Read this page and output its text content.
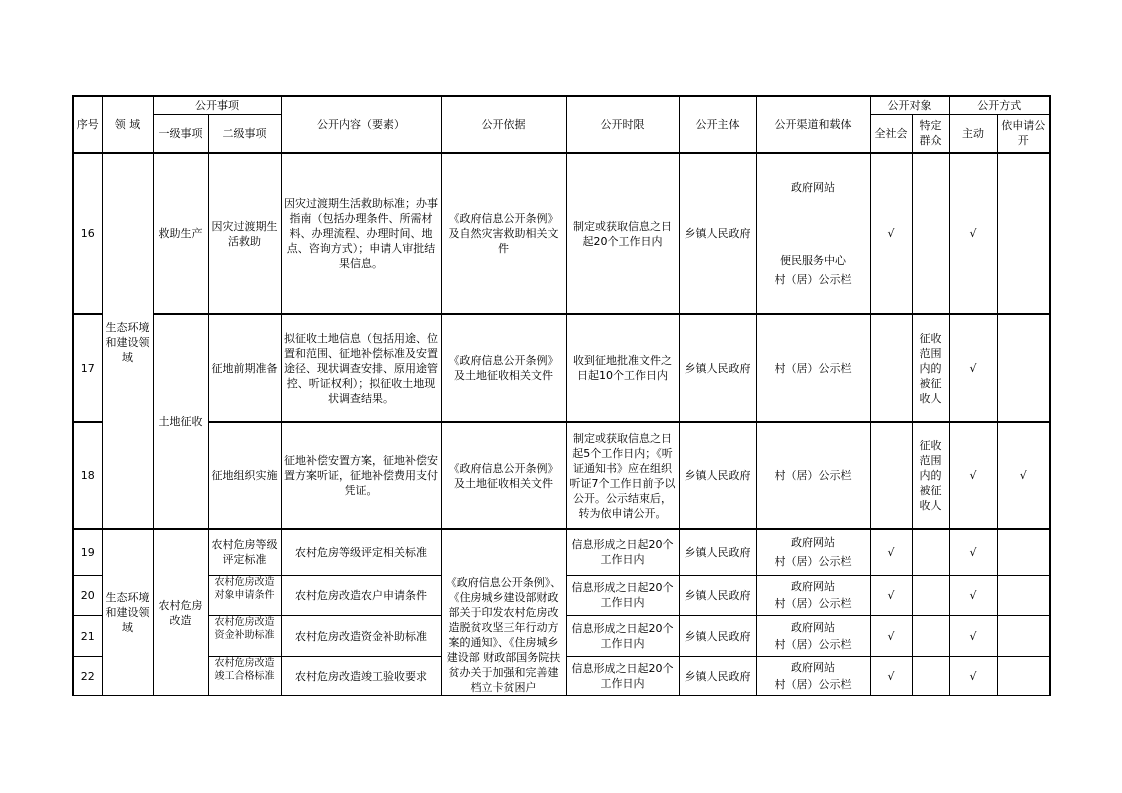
序号	领 域	公开事项		公开内容（要素）	公开依据	公开时限	公开主体	公开渠道和载体	公开对象		公开方式	
		一级事项	二级事项						全社会	特定群众	主动	依申请公开
16	生态环境和建设领域	救助生产	因灾过渡期生活救助	因灾过渡期生活救助标准；办事指南（包括办理条件、所需材料、办理流程、办理时间、地点、咨询方式）；申请人审批结果信息。	《政府信息公开条例》及自然灾害救助相关文件	制定或获取信息之日起20个工作日内	乡镇人民政府	政府网站
便民服务中心
村（居）公示栏	√		√	
17		土地征收	征地前期准备	拟征收土地信息（包括用途、位置和范围、征地补偿标准及安置途径、现状调查安排、原用途管控、听证权利）；拟征收土地现状调查结果。	《政府信息公开条例》及土地征收相关文件	收到征地批准文件之日起10个工作日内	乡镇人民政府	村（居）公示栏		征收范围内的被征收人	√	
18			征地组织实施	征地补偿安置方案，征地补偿安置方案听证，征地补偿费用支付凭证。	《政府信息公开条例》及土地征收相关文件	制定或获取信息之日起5个工作日内；《听证通知书》应在组织听证7个工作日前予以公开。公示结束后，转为依申请公开。	乡镇人民政府	村（居）公示栏		征收范围内的被征收人	√	√
19	生态环境和建设领域	农村危房改造	农村危房等级评定标准	农村危房等级评定相关标准	《政府信息公开条例》、《住房城乡建设部财政部关于印发农村危房改造脱贫攻坚三年行动方案的通知》、《住房城乡建设部 财政部国务院扶贫办关于加强和完善建档立卡贫困户	信息形成之日起20个工作日内	乡镇人民政府	政府网站
村（居）公示栏	√		√	
20			农村危房改造对象申请条件	农村危房改造农户申请条件		信息形成之日起20个工作日内	乡镇人民政府	政府网站
村（居）公示栏	√		√	
21			农村危房改造资金补助标准	农村危房改造资金补助标准		信息形成之日起20个工作日内	乡镇人民政府	政府网站
村（居）公示栏	√		√	
22			农村危房改造竣工合格标准	农村危房改造竣工验收要求		信息形成之日起20个工作日内	乡镇人民政府	政府网站
村（居）公示栏	√		√	
